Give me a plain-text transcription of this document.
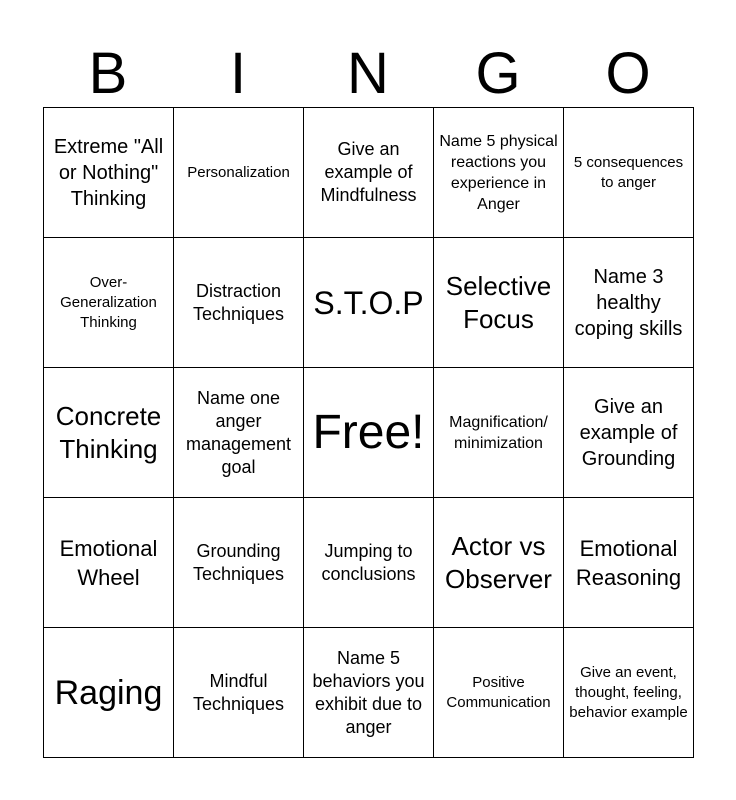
B	I	N	G	O
Extreme "All or Nothing" Thinking	Personalization	Give an example of Mindfulness	Name 5 physical reactions you experience in Anger	5 consequences to anger

Over-Generalization Thinking	Distraction Techniques	S.T.O.P	Selective Focus	Name 3 healthy coping skills

Concrete Thinking	Name one anger management goal	Free!	Magnification/ minimization	Give an example of Grounding

Emotional Wheel	Grounding Techniques	Jumping to conclusions	Actor vs Observer	Emotional Reasoning

Raging	Mindful Techniques	Name 5 behaviors you exhibit due to anger	Positive Communication	Give an event, thought, feeling, behavior example
